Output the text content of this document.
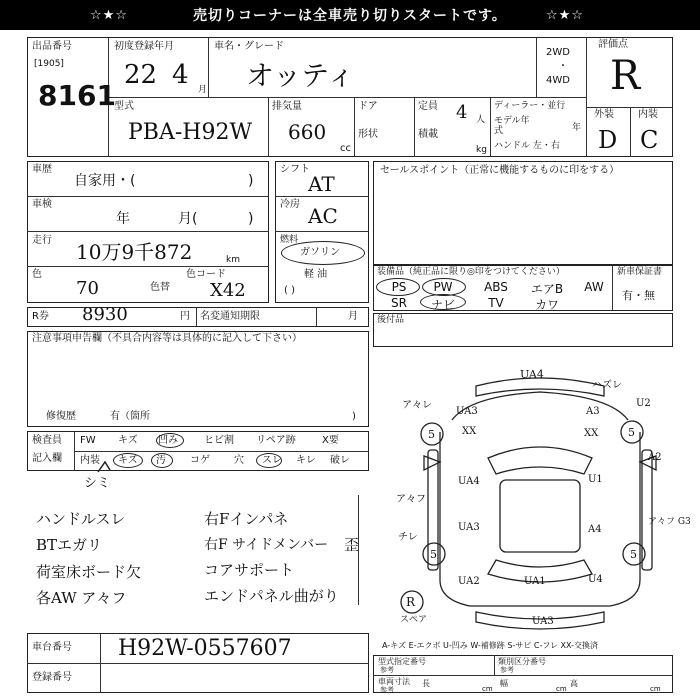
☆★☆	売切りコーナーは全車売り切りスタートです。	☆★☆
出品番号
[1905]
8161
初度登録年月
22 4 月
車名・グレード
オッティ
2WD
・
4WD
評価点
R
型式
PBA-H92W
排気量
660
cc
ドア
形状
定員 4 人
積載
kg
ディーラー・並行
モデル年式	年
ハンドル 左・右
外装 内装
D C
車歴
自家用・(	)
車検
年	月(	)
走行 10万9千872	km
色
70	色替
色コード
X42
シフト
AT
冷房 AC
燃料
ガソリン
軽 油
( )
R券 8930	円 名変通知期限	月
セールスポイント（正常に機能するものに印をする）
装備品（純正品に限り◎印をつけてください）	新車保証書
有・無
PS	PW	ABS	エアB	AW
SR	ナビ	TV	カワ
後付品
注意事項申告欄（不具合内容等は具体的に記入して下さい）
修復歴	有（箇所	)
検査員
記入欄
FW キズ 凹み	ヒビ割 リペア跡	X要
内装 キズ 汚 コゲ 穴 スレ キレ 破レ
シミ
ハンドルスレ
BTエガリ
荷室床ボード欠
各AW ア々フ
右Fインパネ
右F サイドメンバー 歪
コアサポート
エンドパネル曲がり
UA4
ハズレ
A3
U2
ア々レ
UA3
XX	XX
5	5
5	5
A2
UA4	U1
ア々フ
UA3	A4
ア々フ G3
チレ
UA2	UA1	U4
R
スペア	UA3
A-キズ E-エクボ U-凹み W-補修跡 S-サビ C-フレ XX-交換済
車台番号 H92W-0557607
登録番号
型式指定番号
参考
類別区分番号
参考
車両寸法
参考
長	幅	高
cm	cm	cm
